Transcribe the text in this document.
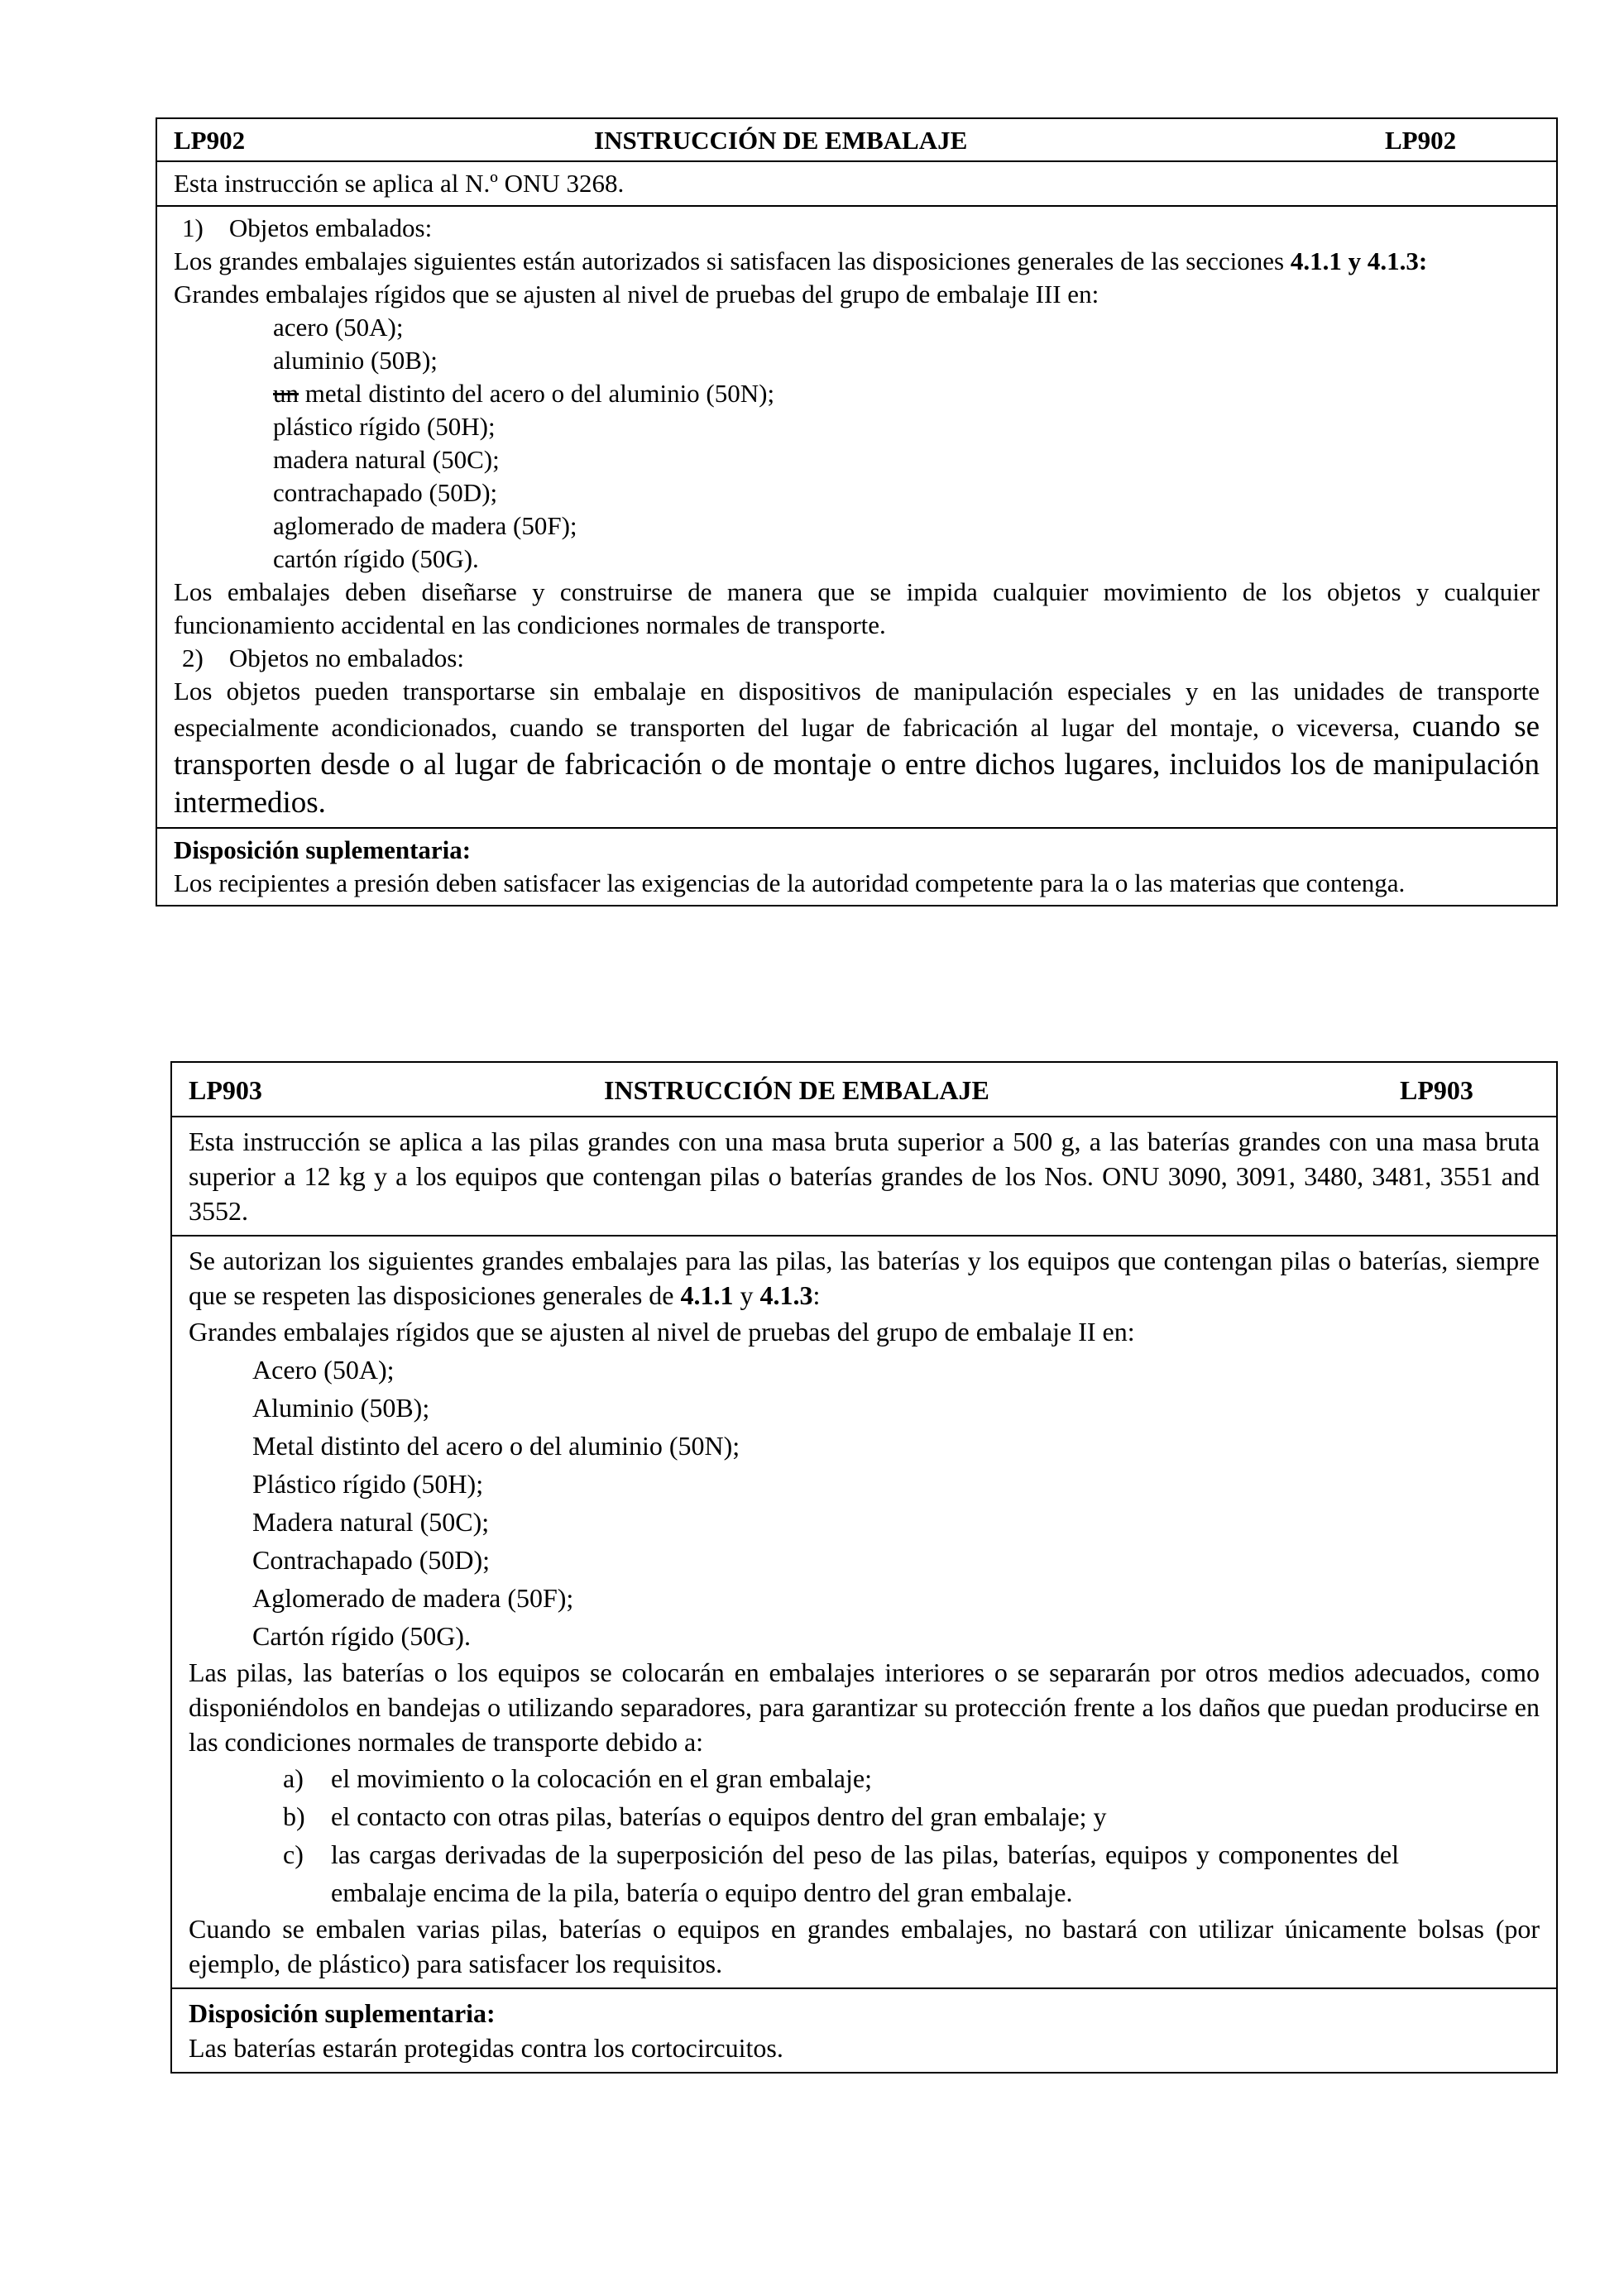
LP902	INSTRUCCIÓN DE EMBALAJE	LP902

Esta instrucción se aplica al N.º ONU 3268.

1) Objetos embalados:

Los grandes embalajes siguientes están autorizados si satisfacen las disposiciones generales de las secciones 4.1.1 y 4.1.3:

Grandes embalajes rígidos que se ajusten al nivel de pruebas del grupo de embalaje III en:

acero (50A);

aluminio (50B);

un metal distinto del acero o del aluminio (50N);

plástico rígido (50H);

madera natural (50C);

contrachapado (50D);

aglomerado de madera (50F);

cartón rígido (50G).

Los embalajes deben diseñarse y construirse de manera que se impida cualquier movimiento de los objetos y cualquier funcionamiento accidental en las condiciones normales de transporte.

2) Objetos no embalados:

Los objetos pueden transportarse sin embalaje en dispositivos de manipulación especiales y en las unidades de transporte especialmente acondicionados, cuando se transporten del lugar de fabricación al lugar del montaje, o viceversa, cuando se transporten desde o al lugar de fabricación o de montaje o entre dichos lugares, incluidos los de manipulación intermedios.

Disposición suplementaria:

Los recipientes a presión deben satisfacer las exigencias de la autoridad competente para la o las materias que contenga.

LP903	INSTRUCCIÓN DE EMBALAJE	LP903

Esta instrucción se aplica a las pilas grandes con una masa bruta superior a 500 g, a las baterías grandes con una masa bruta superior a 12 kg y a los equipos que contengan pilas o baterías grandes de los Nos. ONU 3090, 3091, 3480, 3481, 3551 and 3552.

Se autorizan los siguientes grandes embalajes para las pilas, las baterías y los equipos que contengan pilas o baterías, siempre que se respeten las disposiciones generales de 4.1.1 y 4.1.3:

Grandes embalajes rígidos que se ajusten al nivel de pruebas del grupo de embalaje II en:

Acero (50A);

Aluminio (50B);

Metal distinto del acero o del aluminio (50N);

Plástico rígido (50H);

Madera natural (50C);

Contrachapado (50D);

Aglomerado de madera (50F);

Cartón rígido (50G).

Las pilas, las baterías o los equipos se colocarán en embalajes interiores o se separarán por otros medios adecuados, como disponiéndolos en bandejas o utilizando separadores, para garantizar su protección frente a los daños que puedan producirse en las condiciones normales de transporte debido a:

a)	el movimiento o la colocación en el gran embalaje;
b) el contacto con otras pilas, baterías o equipos dentro del gran embalaje; y
c)	las cargas derivadas de la superposición del peso de las pilas, baterías, equipos y componentes del embalaje encima de la pila, batería o equipo dentro del gran embalaje.

Cuando se embalen varias pilas, baterías o equipos en grandes embalajes, no bastará con utilizar únicamente bolsas (por ejemplo, de plástico) para satisfacer los requisitos.

Disposición suplementaria:

Las baterías estarán protegidas contra los cortocircuitos.
